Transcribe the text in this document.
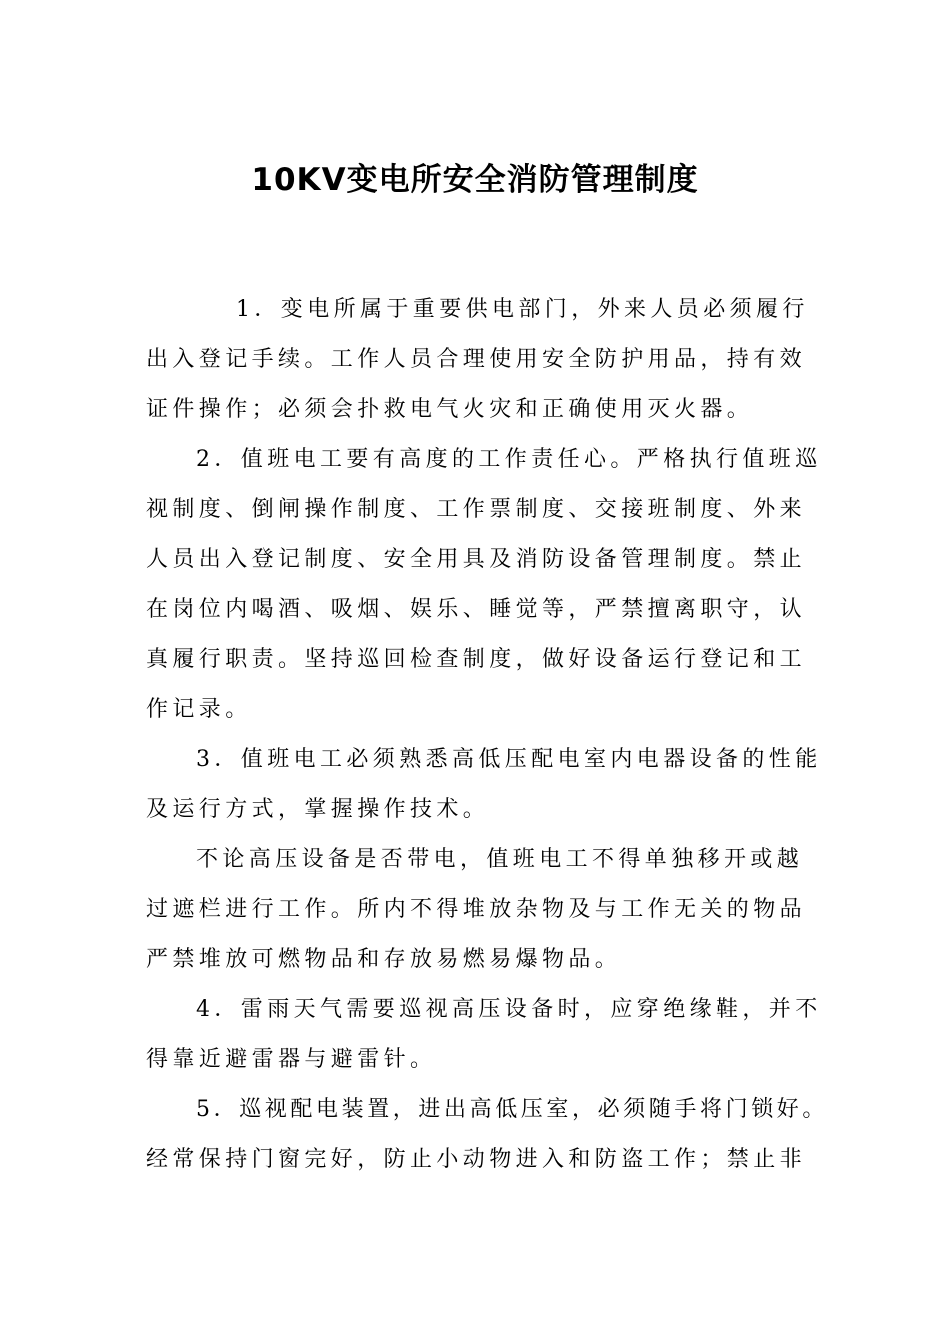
10KV变电所安全消防管理制度
1．变电所属于重要供电部门，外来人员必须履行
出入登记手续。工作人员合理使用安全防护用品，持有效
证件操作；必须会扑救电气火灾和正确使用灭火器。
2．值班电工要有高度的工作责任心。严格执行值班巡
视制度、倒闸操作制度、工作票制度、交接班制度、外来
人员出入登记制度、安全用具及消防设备管理制度。禁止
在岗位内喝酒、吸烟、娱乐、睡觉等，严禁擅离职守，认
真履行职责。坚持巡回检查制度，做好设备运行登记和工
作记录。
3．值班电工必须熟悉高低压配电室内电器设备的性能
及运行方式，掌握操作技术。
不论高压设备是否带电，值班电工不得单独移开或越
过遮栏进行工作。所内不得堆放杂物及与工作无关的物品
严禁堆放可燃物品和存放易燃易爆物品。
4．雷雨天气需要巡视高压设备时，应穿绝缘鞋，并不
得靠近避雷器与避雷针。
5．巡视配电装置，进出高低压室，必须随手将门锁好。
经常保持门窗完好，防止小动物进入和防盗工作；禁止非
